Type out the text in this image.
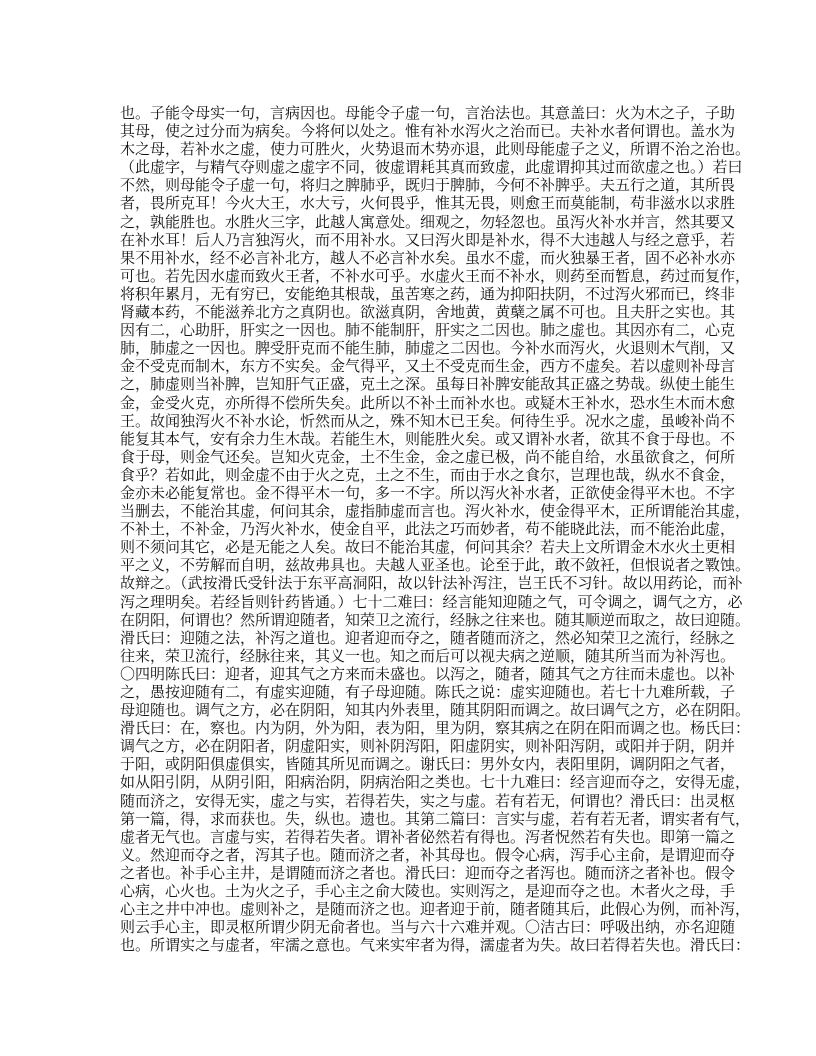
也。子能令母实一句，言病因也。母能令子虚一句，言治法也。其意盖曰：火为木之子，子助
其母，使之过分而为病矣。今将何以处之。惟有补水泻火之治而已。夫补水者何谓也。盖水为
木之母，若补水之虚，使力可胜火，火势退而木势亦退，此则母能虚子之义，所谓不治之治也。
（此虚字，与精气夺则虚之虚字不同，彼虚谓耗其真而致虚，此虚谓抑其过而欲虚之也。）若曰
不然，则母能令子虚一句，将归之脾肺乎，既归于脾肺，今何不补脾乎。夫五行之道，其所畏
者，畏所克耳！今火大王，水大亏，火何畏乎，惟其无畏，则愈王而莫能制，苟非滋水以求胜
之，孰能胜也。水胜火三字，此越人寓意处。细观之，勿轻忽也。虽泻火补水并言，然其要又
在补水耳！后人乃言独泻火，而不用补水。又曰泻火即是补水，得不大违越人与经之意乎，若
果不用补水，经不必言补北方，越人不必言补水矣。虽水不虚，而火独暴王者，固不必补水亦
可也。若先因水虚而致火王者，不补水可乎。水虚火王而不补水，则药至而暂息，药过而复作，
将积年累月，无有穷已，安能绝其根哉，虽苦寒之药，通为抑阳扶阴，不过泻火邪而已，终非
肾藏本药，不能滋养北方之真阴也。欲滋真阴，舍地黄，黄蘖之属不可也。且夫肝之实也。其
因有二，心助肝，肝实之一因也。肺不能制肝，肝实之二因也。肺之虚也。其因亦有二，心克
肺，肺虚之一因也。脾受肝克而不能生肺，肺虚之二因也。今补水而泻火，火退则木气削，又
金不受克而制木，东方不实矣。金气得平，又土不受克而生金，西方不虚矣。若以虚则补母言
之，肺虚则当补脾，岂知肝气正盛，克土之深。虽每日补脾安能敌其正盛之势哉。纵使土能生
金，金受火克，亦所得不偿所失矣。此所以不补土而补水也。或疑木王补水，恐水生木而木愈
王。故闻独泻火不补水论，忻然而从之，殊不知木已王矣。何待生乎。况水之虚，虽峻补尚不
能复其本气，安有余力生木哉。若能生木，则能胜火矣。或又谓补水者，欲其不食于母也。不
食于母，则金气还矣。岂知火克金，土不生金，金之虚已极，尚不能自给，水虽欲食之，何所
食乎？若如此，则金虚不由于火之克，土之不生，而由于水之食尔，岂理也哉，纵水不食金，
金亦未必能复常也。金不得平木一句，多一不字。所以泻火补水者，正欲使金得平木也。不字
当删去，不能治其虚，何问其余，虚指肺虚而言也。泻火补水，使金得平木，正所谓能治其虚，
不补土，不补金，乃泻火补水，使金自平，此法之巧而妙者，苟不能晓此法，而不能治此虚，
则不须问其它，必是无能之人矣。故曰不能治其虚，何问其余？若夫上文所谓金木水火土更相
平之义，不劳解而自明，兹故弗具也。夫越人亚圣也。论至于此，敢不敛衽，但恨说者之斁蚀。
故辩之。（武按滑氏受针法于东平高洞阳，故以针法补泻注，岂王氏不习针。故以用药论，而补
泻之理明矣。若经旨则针药皆通。）七十二难曰：经言能知迎随之气，可令调之，调气之方，必
在阴阳，何谓也？然所谓迎随者，知荣卫之流行，经脉之往来也。随其顺逆而取之，故曰迎随。
滑氏曰：迎随之法，补泻之道也。迎者迎而夺之，随者随而济之，然必知荣卫之流行，经脉之
往来，荣卫流行，经脉往来，其义一也。知之而后可以视夫病之逆顺，随其所当而为补泻也。
〇四明陈氏曰：迎者，迎其气之方来而未盛也。以泻之，随者，随其气之方往而未虚也。以补
之，愚按迎随有二，有虚实迎随，有子母迎随。陈氏之说：虚实迎随也。若七十九难所载，子
母迎随也。调气之方，必在阴阳，知其内外表里，随其阴阳而调之。故曰调气之方，必在阴阳。
滑氏曰：在，察也。内为阴，外为阳，表为阳，里为阴，察其病之在阴在阳而调之也。杨氏曰：
调气之方，必在阴阳者，阴虚阳实，则补阴泻阳，阳虚阴实，则补阳泻阴，或阳并于阴，阴并
于阳，或阴阳俱虚俱实，皆随其所见而调之。谢氏曰：男外女内，表阳里阴，调阴阳之气者，
如从阳引阴，从阴引阳，阳病治阴，阴病治阳之类也。七十九难曰：经言迎而夺之，安得无虚，
随而济之，安得无实，虚之与实，若得若失，实之与虚。若有若无，何谓也？滑氏曰：出灵枢
第一篇，得，求而获也。失，纵也。遗也。其第二篇曰：言实与虚，若有若无者，谓实者有气，
虚者无气也。言虚与实，若得若失者。谓补者佖然若有得也。泻者怳然若有失也。即第一篇之
义。然迎而夺之者，泻其子也。随而济之者，补其母也。假令心病，泻手心主俞，是谓迎而夺
之者也。补手心主井，是谓随而济之者也。滑氏曰：迎而夺之者泻也。随而济之者补也。假令
心病，心火也。土为火之子，手心主之俞大陵也。实则泻之，是迎而夺之也。木者火之母，手
心主之井中冲也。虚则补之，是随而济之也。迎者迎于前，随者随其后，此假心为例，而补泻，
则云手心主，即灵枢所谓少阴无俞者也。当与六十六难并观。〇洁古曰：呼吸出纳，亦名迎随
也。所谓实之与虚者，牢濡之意也。气来实牢者为得，濡虚者为失。故曰若得若失也。滑氏曰：
